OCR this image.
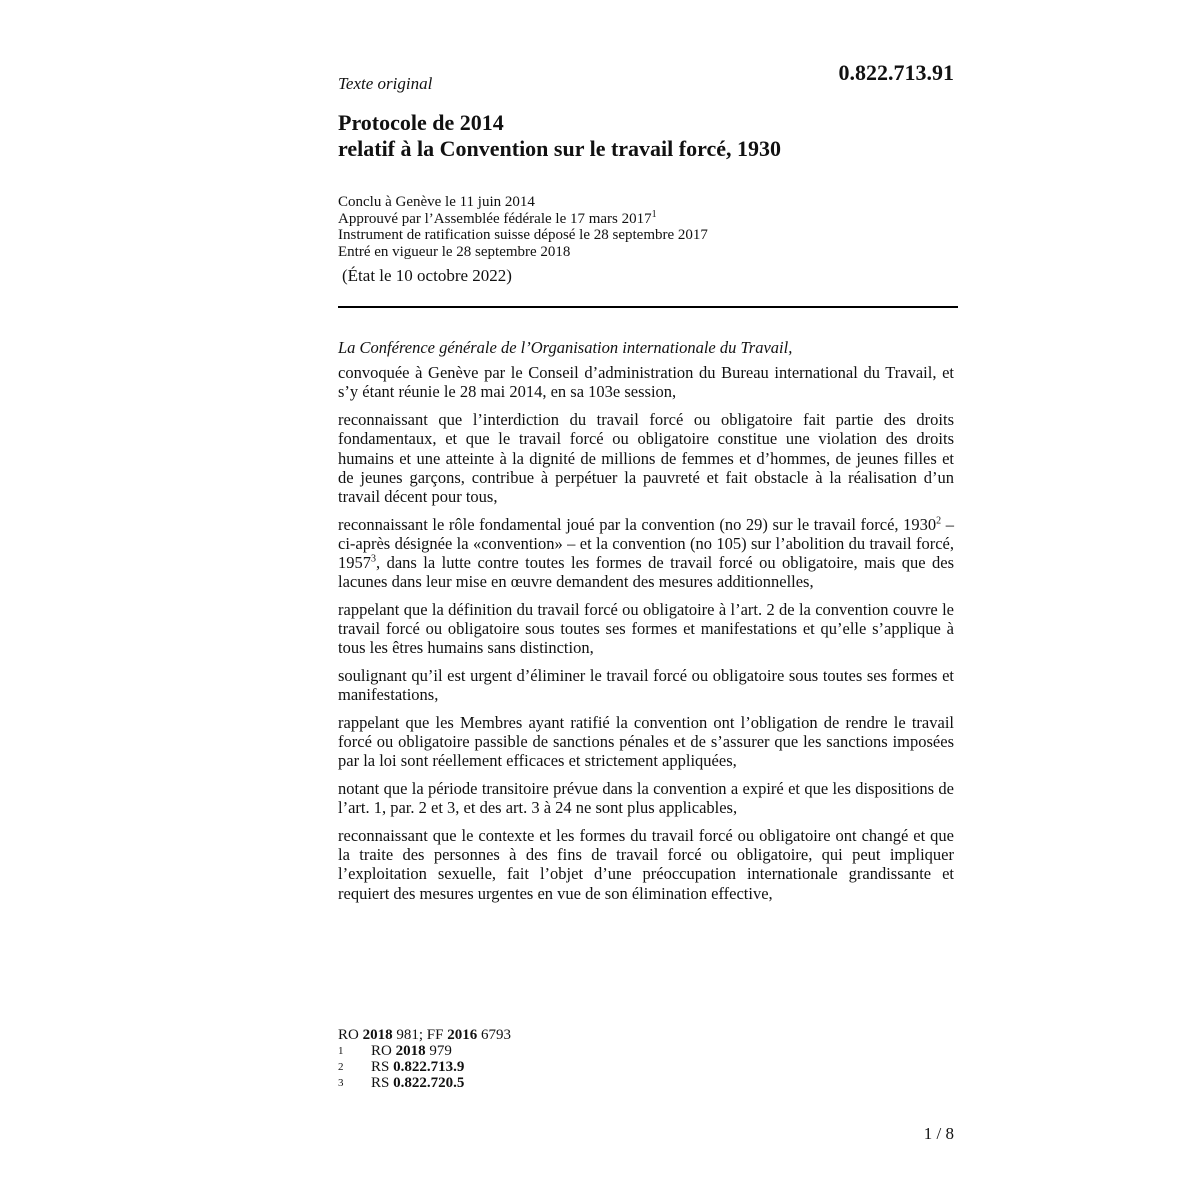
Texte original	0.822.713.91
Protocole de 2014
relatif à la Convention sur le travail forcé, 1930
Conclu à Genève le 11 juin 2014
Approuvé par l’Assemblée fédérale le 17 mars 2017$^1$
Instrument de ratification suisse déposé le 28 septembre 2017
Entré en vigueur le 28 septembre 2018
(État le 10 octobre 2022)

La Conférence générale de l’Organisation internationale du Travail,

convoquée à Genève par le Conseil d’administration du Bureau international du Travail, et s’y étant réunie le 28 mai 2014, en sa 103e session,

reconnaissant que l’interdiction du travail forcé ou obligatoire fait partie des droits fondamentaux, et que le travail forcé ou obligatoire constitue une violation des droits humains et une atteinte à la dignité de millions de femmes et d’hommes, de jeunes filles et de jeunes garçons, contribue à perpétuer la pauvreté et fait obstacle à la réalisation d’un travail décent pour tous,

reconnaissant le rôle fondamental joué par la convention (no 29) sur le travail forcé, 1930$^2$ – ci-après désignée la «convention» – et la convention (no 105) sur l’abolition du travail forcé, 1957$^3$, dans la lutte contre toutes les formes de travail forcé ou obligatoire, mais que des lacunes dans leur mise en œuvre demandent des mesures additionnelles,

rappelant que la définition du travail forcé ou obligatoire à l’art. 2 de la convention couvre le travail forcé ou obligatoire sous toutes ses formes et manifestations et qu’elle s’applique à tous les êtres humains sans distinction,

soulignant qu’il est urgent d’éliminer le travail forcé ou obligatoire sous toutes ses formes et manifestations,

rappelant que les Membres ayant ratifié la convention ont l’obligation de rendre le travail forcé ou obligatoire passible de sanctions pénales et de s’assurer que les sanctions imposées par la loi sont réellement efficaces et strictement appliquées,

notant que la période transitoire prévue dans la convention a expiré et que les dispositions de l’art. 1, par. 2 et 3, et des art. 3 à 24 ne sont plus applicables,

reconnaissant que le contexte et les formes du travail forcé ou obligatoire ont changé et que la traite des personnes à des fins de travail forcé ou obligatoire, qui peut impliquer l’exploitation sexuelle, fait l’objet d’une préoccupation internationale grandissante et requiert des mesures urgentes en vue de son élimination effective,

RO 2018 981; FF 2016 6793
1	RO 2018 979
2	RS 0.822.713.9
3	RS 0.822.720.5
1 / 8
